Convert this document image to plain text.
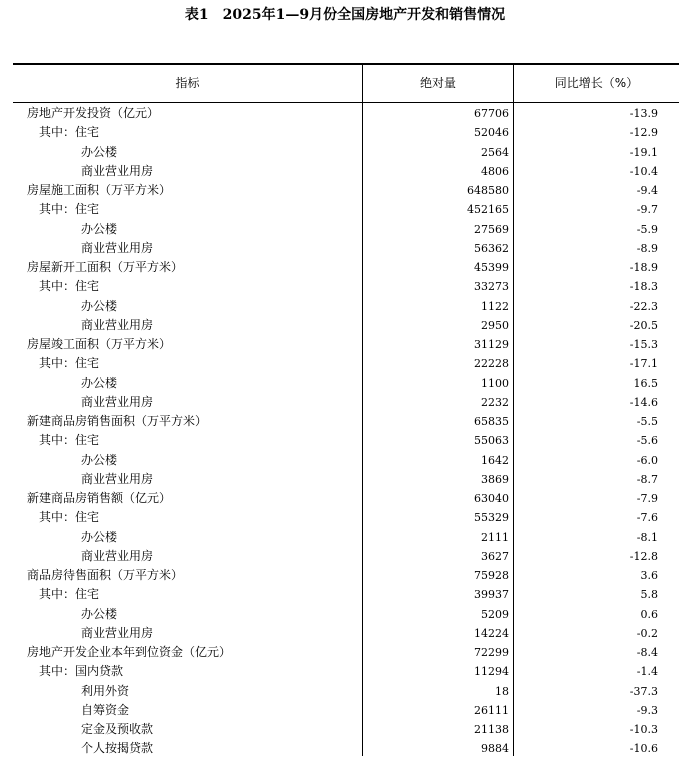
表1　2025年1—9月份全国房地产开发和销售情况
指标	绝对量	同比增长（%）
房地产开发投资（亿元）	67706	-13.9
其中：住宅	52046	-12.9
办公楼	2564	-19.1
商业营业用房	4806	-10.4
房屋施工面积（万平方米）	648580	-9.4
其中：住宅	452165	-9.7
办公楼	27569	-5.9
商业营业用房	56362	-8.9
房屋新开工面积（万平方米）	45399	-18.9
其中：住宅	33273	-18.3
办公楼	1122	-22.3
商业营业用房	2950	-20.5
房屋竣工面积（万平方米）	31129	-15.3
其中：住宅	22228	-17.1
办公楼	1100	16.5
商业营业用房	2232	-14.6
新建商品房销售面积（万平方米）	65835	-5.5
其中：住宅	55063	-5.6
办公楼	1642	-6.0
商业营业用房	3869	-8.7
新建商品房销售额（亿元）	63040	-7.9
其中：住宅	55329	-7.6
办公楼	2111	-8.1
商业营业用房	3627	-12.8
商品房待售面积（万平方米）	75928	3.6
其中：住宅	39937	5.8
办公楼	5209	0.6
商业营业用房	14224	-0.2
房地产开发企业本年到位资金（亿元）	72299	-8.4
其中：国内贷款	11294	-1.4
利用外资	18	-37.3
自筹资金	26111	-9.3
定金及预收款	21138	-10.3
个人按揭贷款	9884	-10.6
